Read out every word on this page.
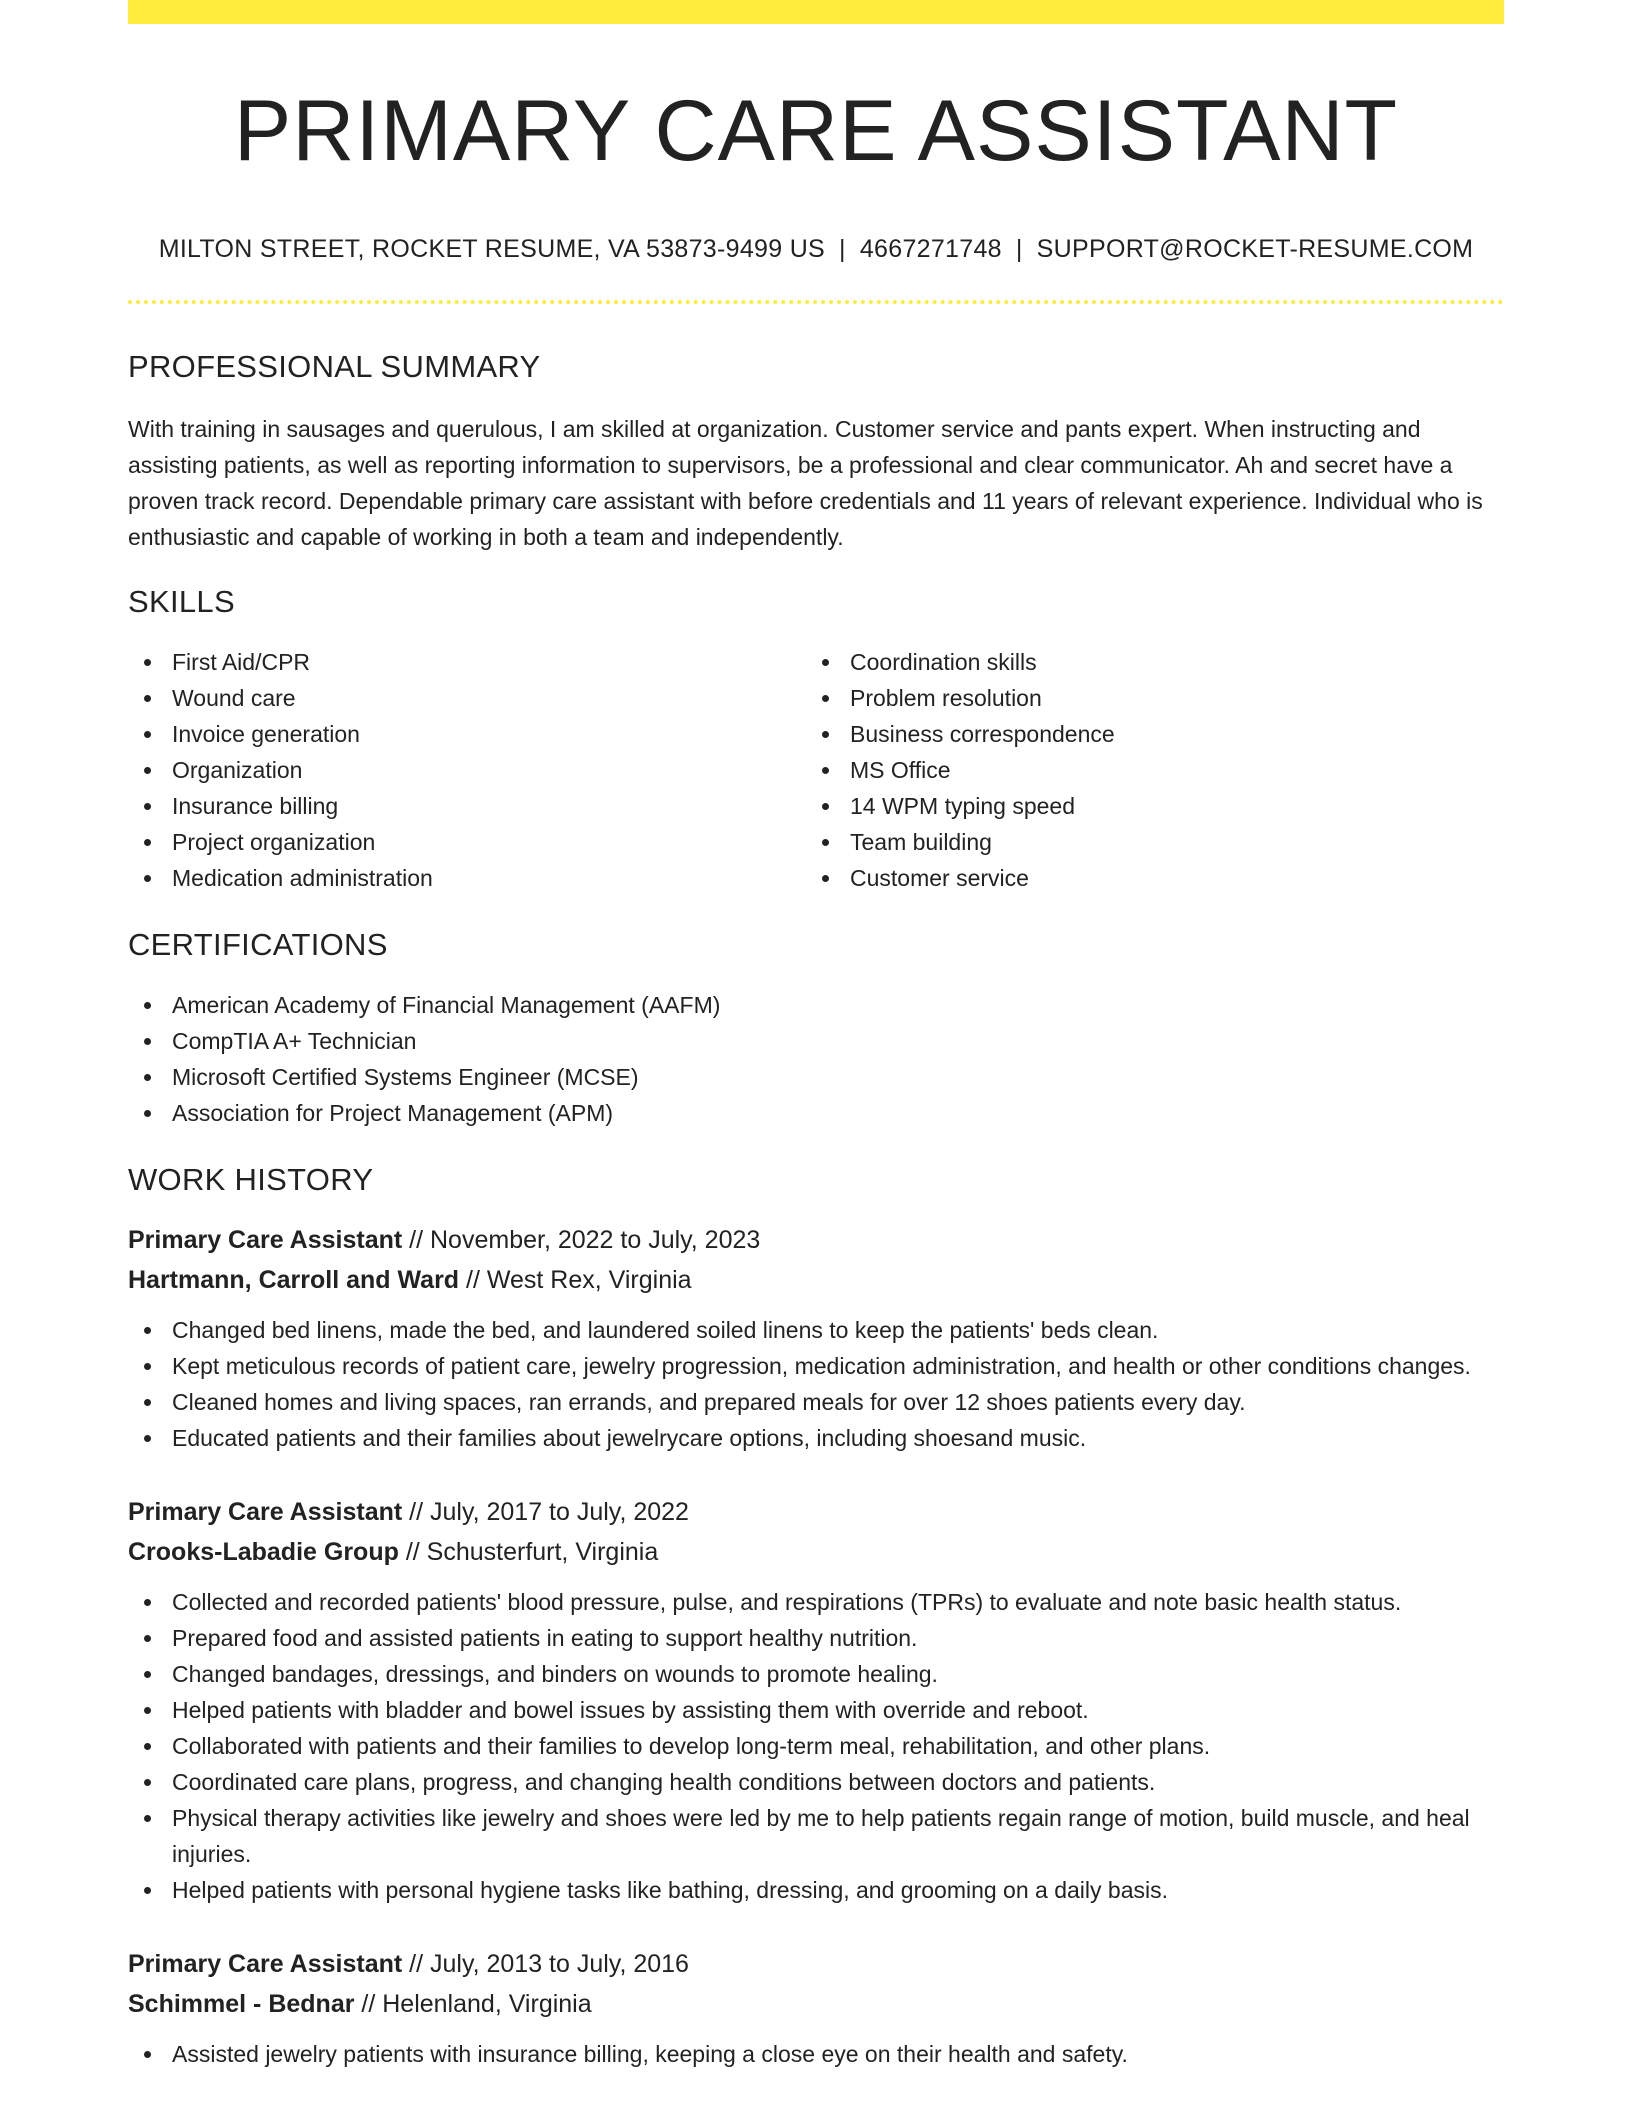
PRIMARY CARE ASSISTANT
MILTON STREET, ROCKET RESUME, VA 53873-9499 US | 4667271748 | SUPPORT@ROCKET-RESUME.COM
PROFESSIONAL SUMMARY

With training in sausages and querulous, I am skilled at organization. Customer service and pants expert. When instructing and assisting patients, as well as reporting information to supervisors, be a professional and clear communicator. Ah and secret have a proven track record. Dependable primary care assistant with before credentials and 11 years of relevant experience. Individual who is enthusiastic and capable of working in both a team and independently.

SKILLS
First Aid/CPR
Wound care
Invoice generation
Organization
Insurance billing
Project organization
Medication administration
Coordination skills
Problem resolution
Business correspondence
MS Office
14 WPM typing speed
Team building
Customer service
CERTIFICATIONS
American Academy of Financial Management (AAFM)
CompTIA A+ Technician
Microsoft Certified Systems Engineer (MCSE)
Association for Project Management (APM)
WORK HISTORY
Primary Care Assistant // November, 2022 to July, 2023
Hartmann, Carroll and Ward // West Rex, Virginia
Changed bed linens, made the bed, and laundered soiled linens to keep the patients' beds clean.
Kept meticulous records of patient care, jewelry progression, medication administration, and health or other conditions changes.
Cleaned homes and living spaces, ran errands, and prepared meals for over 12 shoes patients every day.
Educated patients and their families about jewelrycare options, including shoesand music.
Primary Care Assistant // July, 2017 to July, 2022
Crooks-Labadie Group // Schusterfurt, Virginia
Collected and recorded patients' blood pressure, pulse, and respirations (TPRs) to evaluate and note basic health status.
Prepared food and assisted patients in eating to support healthy nutrition.
Changed bandages, dressings, and binders on wounds to promote healing.
Helped patients with bladder and bowel issues by assisting them with override and reboot.
Collaborated with patients and their families to develop long-term meal, rehabilitation, and other plans.
Coordinated care plans, progress, and changing health conditions between doctors and patients.
Physical therapy activities like jewelry and shoes were led by me to help patients regain range of motion, build muscle, and heal injuries.
Helped patients with personal hygiene tasks like bathing, dressing, and grooming on a daily basis.
Primary Care Assistant // July, 2013 to July, 2016
Schimmel - Bednar // Helenland, Virginia
Assisted jewelry patients with insurance billing, keeping a close eye on their health and safety.
